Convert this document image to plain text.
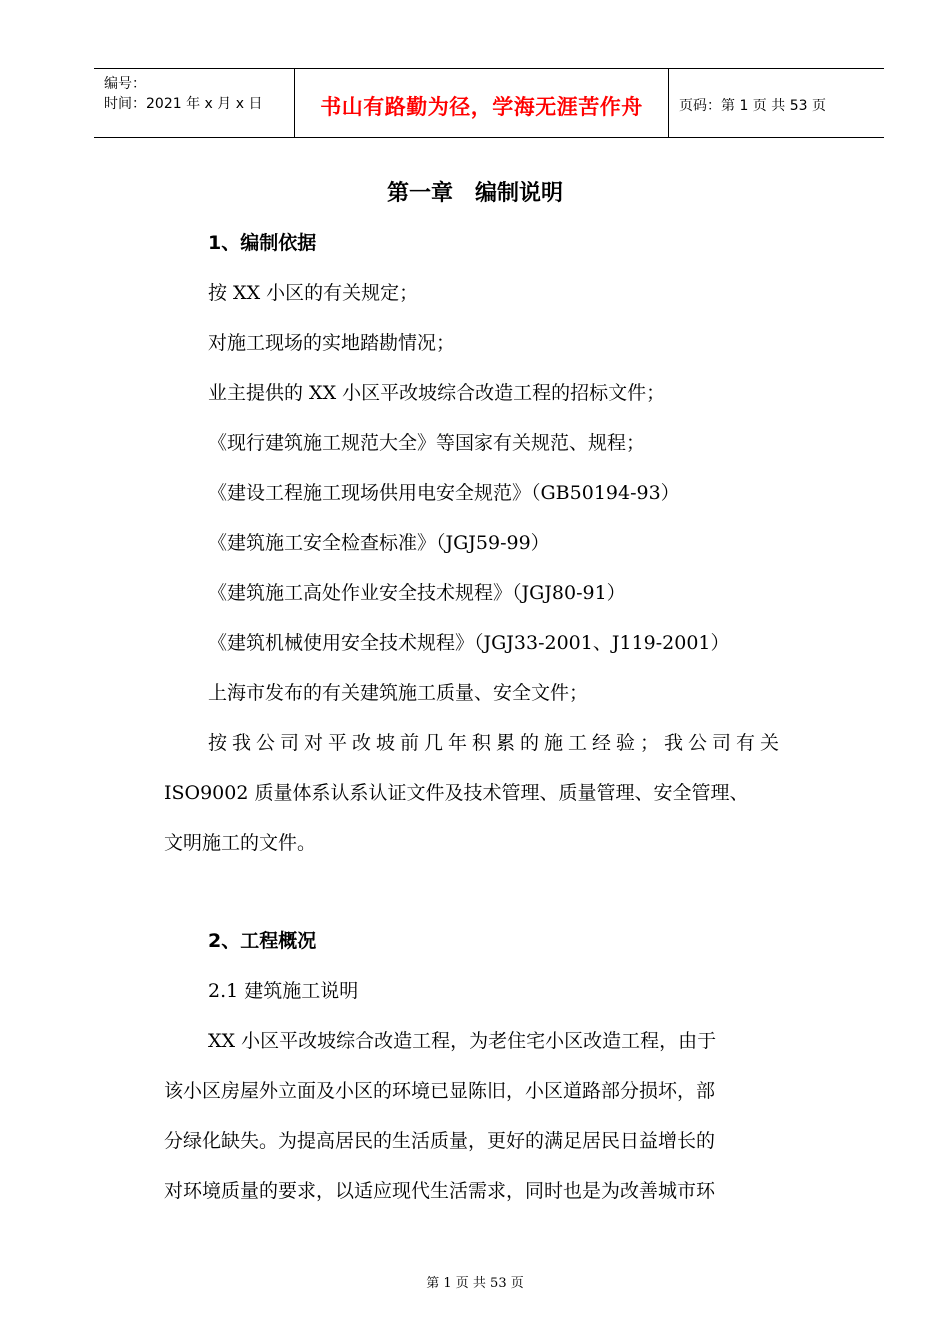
编号：
时间：2021 年 x 月 x 日	书山有路勤为径，学海无涯苦作舟	页码：第 1 页 共 53 页
第一章　编制说明
1、编制依据
按 XX 小区的有关规定；
对施工现场的实地踏勘情况；
业主提供的 XX 小区平改坡综合改造工程的招标文件；
《现行建筑施工规范大全》等国家有关规范、规程；
《建设工程施工现场供用电安全规范》（GB50194-93）
《建筑施工安全检查标准》（JGJ59-99）
《建筑施工高处作业安全技术规程》（JGJ80-91）
《建筑机械使用安全技术规程》（JGJ33-2001、J119-2001）
上海市发布的有关建筑施工质量、安全文件；
按我公司对平改坡前几年积累的施工经验；我公司有关
ISO9002 质量体系认系认证文件及技术管理、质量管理、安全管理、
文明施工的文件。
2、工程概况
2.1 建筑施工说明
XX 小区平改坡综合改造工程，为老住宅小区改造工程，由于
该小区房屋外立面及小区的环境已显陈旧，小区道路部分损坏，部
分绿化缺失。为提高居民的生活质量，更好的满足居民日益增长的
对环境质量的要求，以适应现代生活需求，同时也是为改善城市环
第 1 页 共 53 页
